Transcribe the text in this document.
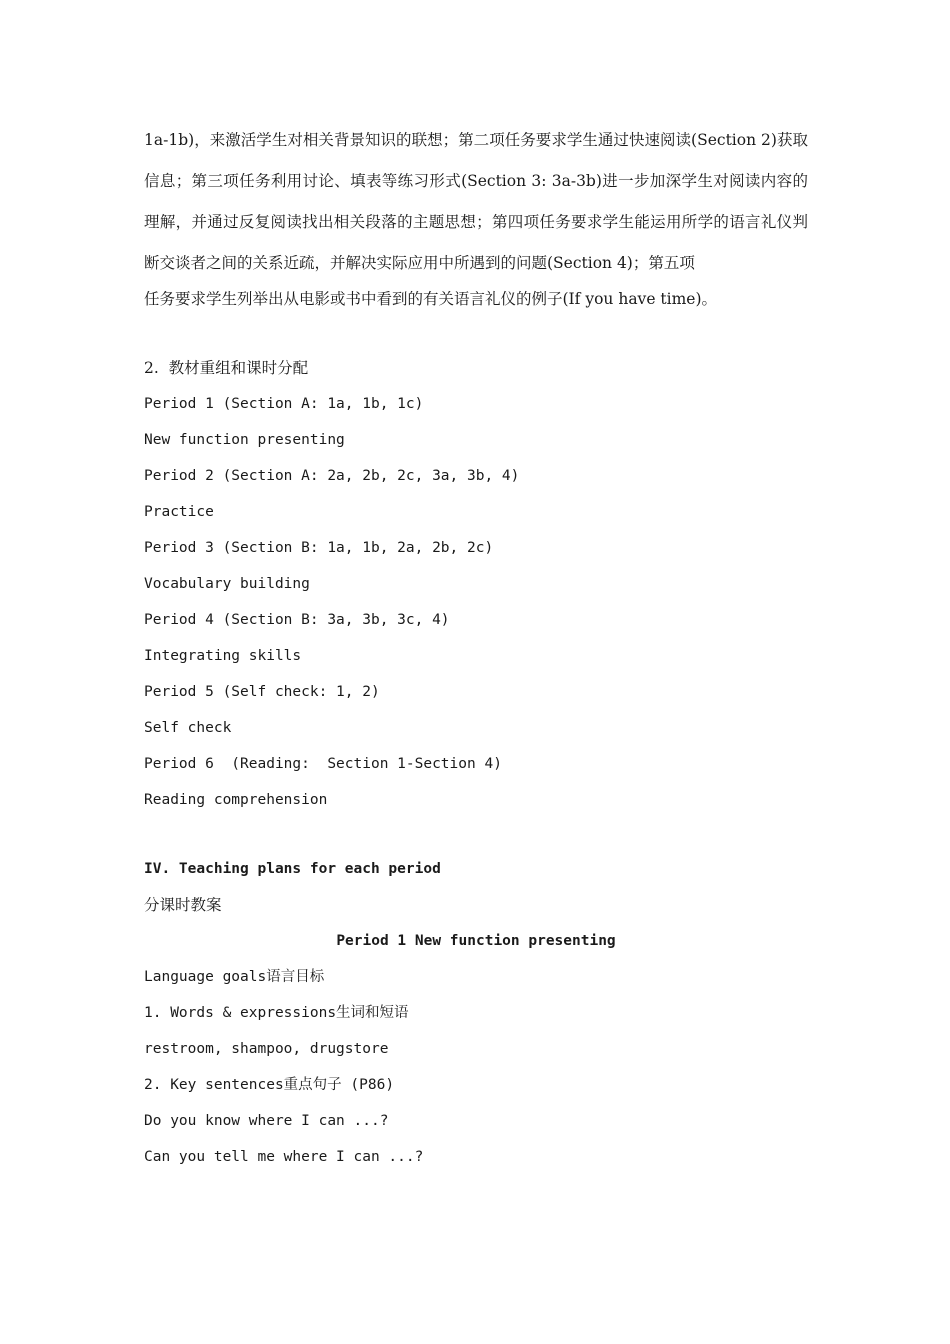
1a-1b)，来激活学生对相关背景知识的联想；第二项任务要求学生通过快速阅读(Section 2)获取信息；第三项任务利用讨论、填表等练习形式(Section 3: 3a-3b)进一步加深学生对阅读内容的理解，并通过反复阅读找出相关段落的主题思想；第四项任务要求学生能运用所学的语言礼仪判断交谈者之间的关系近疏，并解决实际应用中所遇到的问题(Section 4)；第五项

任务要求学生列举出从电影或书中看到的有关语言礼仪的例子(If you have time)。

2.  教材重组和课时分配
Period 1 (Section A: 1a, 1b, 1c)
New function presenting
Period 2 (Section A: 2a, 2b, 2c, 3a, 3b, 4)
Practice
Period 3 (Section B: 1a, 1b, 2a, 2b, 2c)
Vocabulary building
Period 4 (Section B: 3a, 3b, 3c, 4)
Integrating skills
Period 5 (Self check: 1, 2)
Self check
Period 6  (Reading:  Section 1-Section 4)
Reading comprehension
IV. Teaching plans for each period
分课时教案
Period 1 New function presenting
Language goals语言目标
1. Words & expressions生词和短语
restroom, shampoo, drugstore
2. Key sentences重点句子 (P86)
Do you know where I can ...?
Can you tell me where I can ...?
